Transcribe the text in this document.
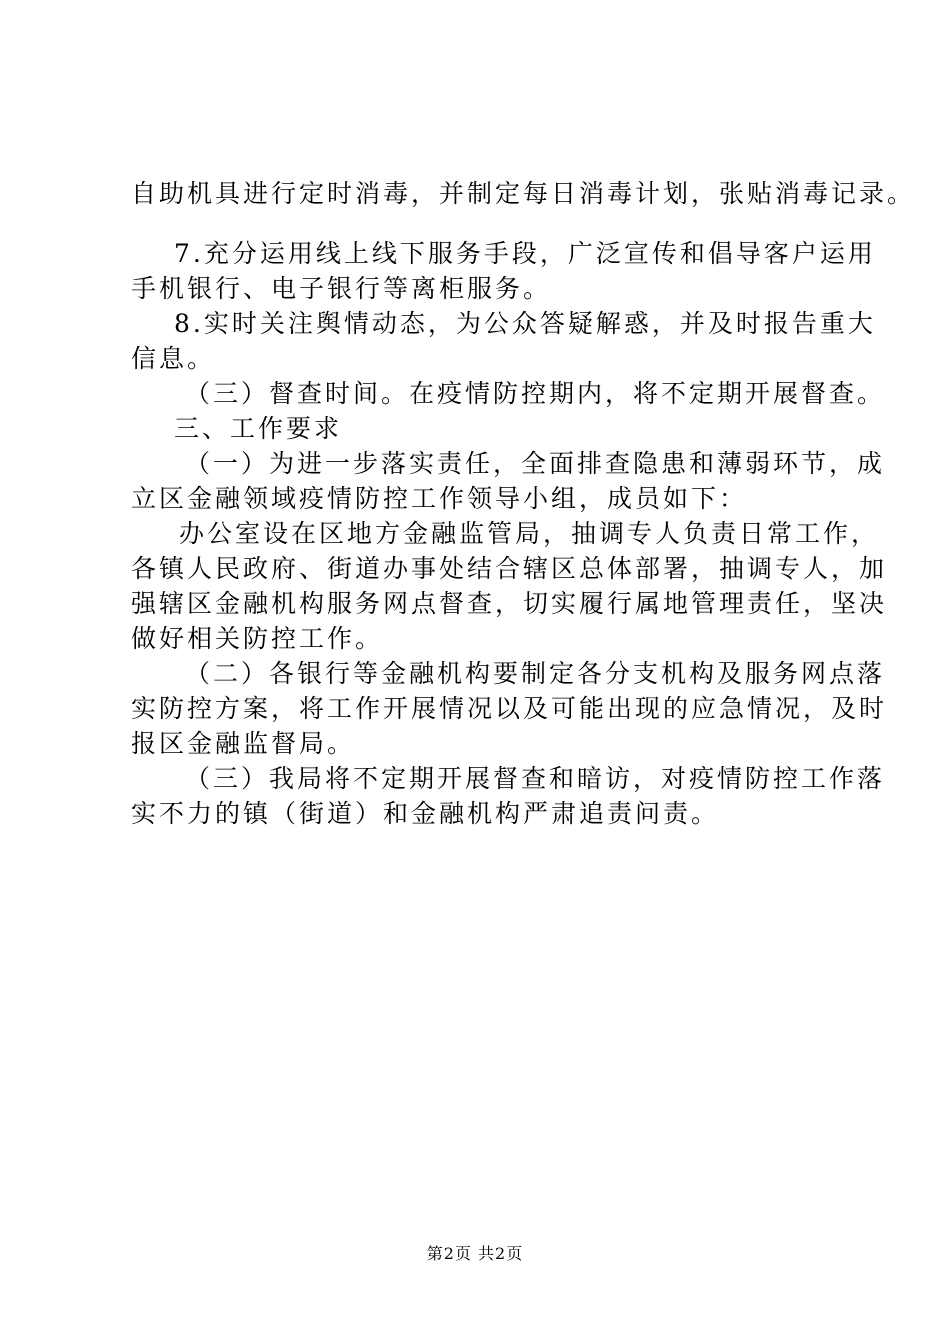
自助机具进行定时消毒，并制定每日消毒计划，张贴消毒记录。
7.充分运用线上线下服务手段，广泛宣传和倡导客户运用
手机银行、电子银行等离柜服务。
8.实时关注舆情动态，为公众答疑解惑，并及时报告重大
信息。
（三）督查时间。在疫情防控期内，将不定期开展督查。
三、工作要求
（一）为进一步落实责任，全面排查隐患和薄弱环节，成
立区金融领域疫情防控工作领导小组，成员如下：
办公室设在区地方金融监管局，抽调专人负责日常工作，
各镇人民政府、街道办事处结合辖区总体部署，抽调专人，加
强辖区金融机构服务网点督查，切实履行属地管理责任，坚决
做好相关防控工作。
（二）各银行等金融机构要制定各分支机构及服务网点落
实防控方案，将工作开展情况以及可能出现的应急情况，及时
报区金融监督局。
（三）我局将不定期开展督查和暗访，对疫情防控工作落
实不力的镇（街道）和金融机构严肃追责问责。
第2页 共2页
